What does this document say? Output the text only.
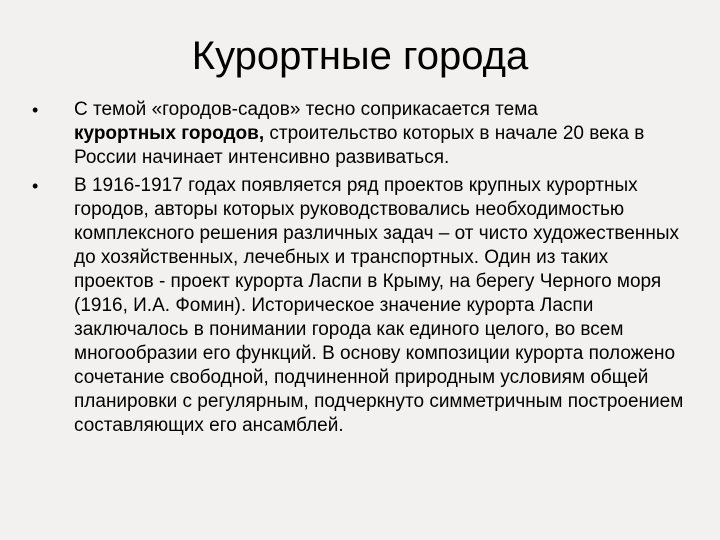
Курортные города
•	С темой «городов-садов» тесно соприкасается тема
курортных городов, строительство которых в начале 20 века в России начинает интенсивно развиваться.
•	В 1916-1917 годах появляется ряд проектов крупных курортных городов, авторы которых руководствовались необходимостью комплексного решения различных задач – от чисто художественных до хозяйственных, лечебных и транспортных. Один из таких проектов - проект курорта Ласпи в Крыму, на берегу Черного моря (1916, И.А. Фомин). Историческое значение курорта Ласпи заключалось в понимании города как единого целого, во всем многообразии его функций. В основу композиции курорта положено сочетание свободной, подчиненной природным условиям общей планировки с регулярным, подчеркнуто симметричным построением составляющих его ансамблей.
